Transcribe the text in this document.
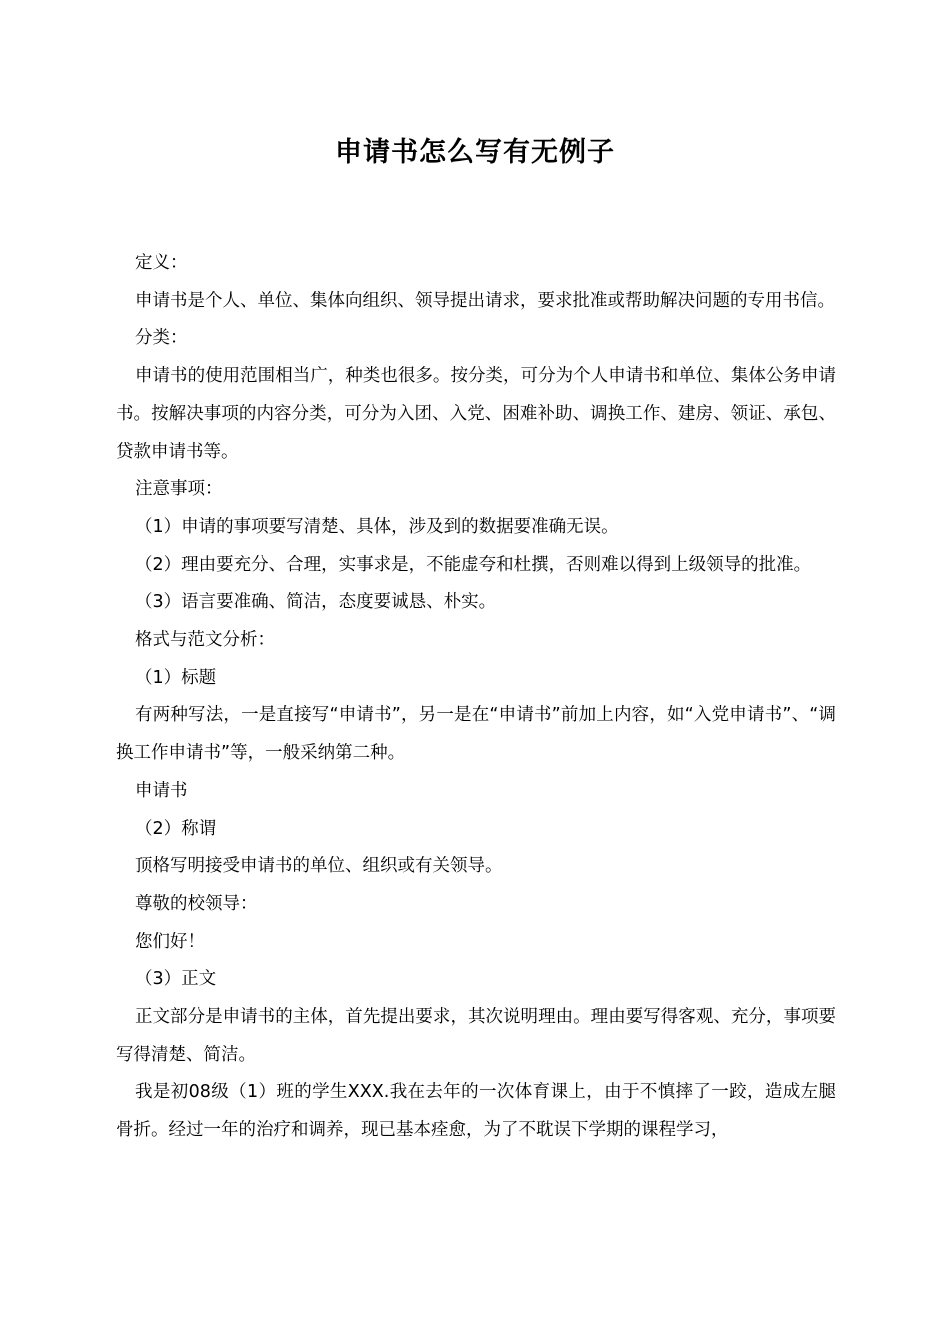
申请书怎么写有无例子

定义：

申请书是个人、单位、集体向组织、领导提出请求，要求批准或帮助解决问题的专用书信。

分类：

申请书的使用范围相当广，种类也很多。按分类，可分为个人申请书和单位、集体公务申请书。按解决事项的内容分类，可分为入团、入党、困难补助、调换工作、建房、领证、承包、贷款申请书等。

注意事项：

（1）申请的事项要写清楚、具体，涉及到的数据要准确无误。

（2）理由要充分、合理，实事求是，不能虚夸和杜撰，否则难以得到上级领导的批准。

（3）语言要准确、简洁，态度要诚恳、朴实。

格式与范文分析：

（1）标题

有两种写法，一是直接写“申请书”，另一是在“申请书”前加上内容，如“入党申请书”、“调换工作申请书”等，一般采纳第二种。

申请书

（2）称谓

顶格写明接受申请书的单位、组织或有关领导。

尊敬的校领导：

您们好！

（3）正文

正文部分是申请书的主体，首先提出要求，其次说明理由。理由要写得客观、充分，事项要写得清楚、简洁。

我是初08级（1）班的学生XXX.我在去年的一次体育课上，由于不慎摔了一跤，造成左腿骨折。经过一年的治疗和调养，现已基本痊愈，为了不耽误下学期的课程学习，
